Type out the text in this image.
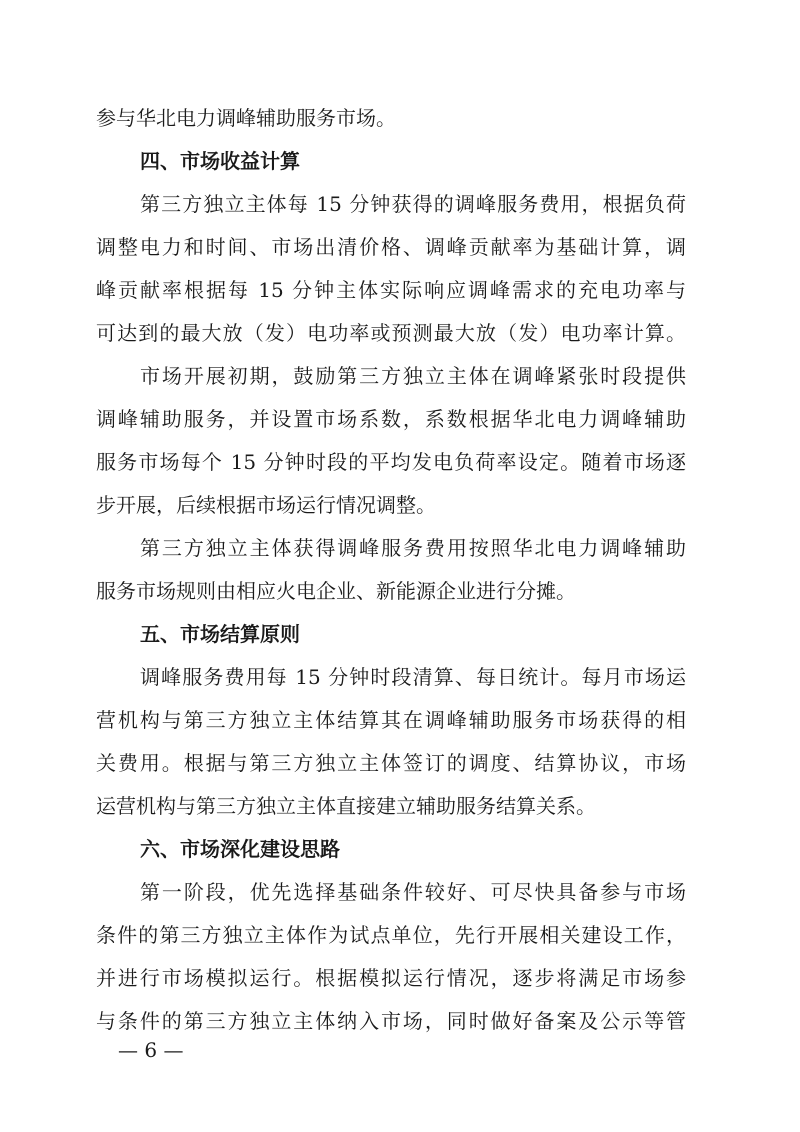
参与华北电力调峰辅助服务市场。
四、市场收益计算
第三方独立主体每 15 分钟获得的调峰服务费用，根据负荷
调整电力和时间、市场出清价格、调峰贡献率为基础计算，调
峰贡献率根据每 15 分钟主体实际响应调峰需求的充电功率与
可达到的最大放（发）电功率或预测最大放（发）电功率计算。
市场开展初期，鼓励第三方独立主体在调峰紧张时段提供
调峰辅助服务，并设置市场系数，系数根据华北电力调峰辅助
服务市场每个 15 分钟时段的平均发电负荷率设定。随着市场逐
步开展，后续根据市场运行情况调整。
第三方独立主体获得调峰服务费用按照华北电力调峰辅助
服务市场规则由相应火电企业、新能源企业进行分摊。
五、市场结算原则
调峰服务费用每 15 分钟时段清算、每日统计。每月市场运
营机构与第三方独立主体结算其在调峰辅助服务市场获得的相
关费用。根据与第三方独立主体签订的调度、结算协议，市场
运营机构与第三方独立主体直接建立辅助服务结算关系。
六、市场深化建设思路
第一阶段，优先选择基础条件较好、可尽快具备参与市场
条件的第三方独立主体作为试点单位，先行开展相关建设工作，
并进行市场模拟运行。根据模拟运行情况，逐步将满足市场参
与条件的第三方独立主体纳入市场，同时做好备案及公示等管
— 6 —
